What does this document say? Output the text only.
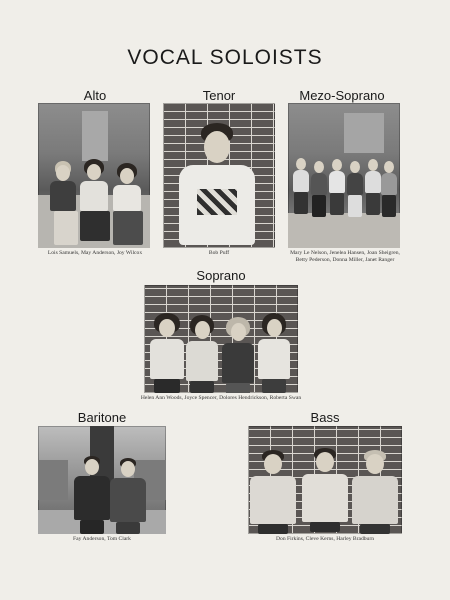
VOCAL SOLOISTS
Alto
Lois Samuels, May Anderson, Joy Wilcox
Tenor
Bob Puff
Mezo-Soprano
Mary Le Nelson, Jenelea Hansen, Joan Sheigren, Betty Pederson, Donna Miller, Janet Ranger
Soprano
Helen Ann Woods, Joyce Spencer, Dolores Hendrickson, Roberta Swan
Baritone
Fay Anderson, Tom Clark
Bass
Don Firkins, Cleve Kerns, Harley Bradburn
